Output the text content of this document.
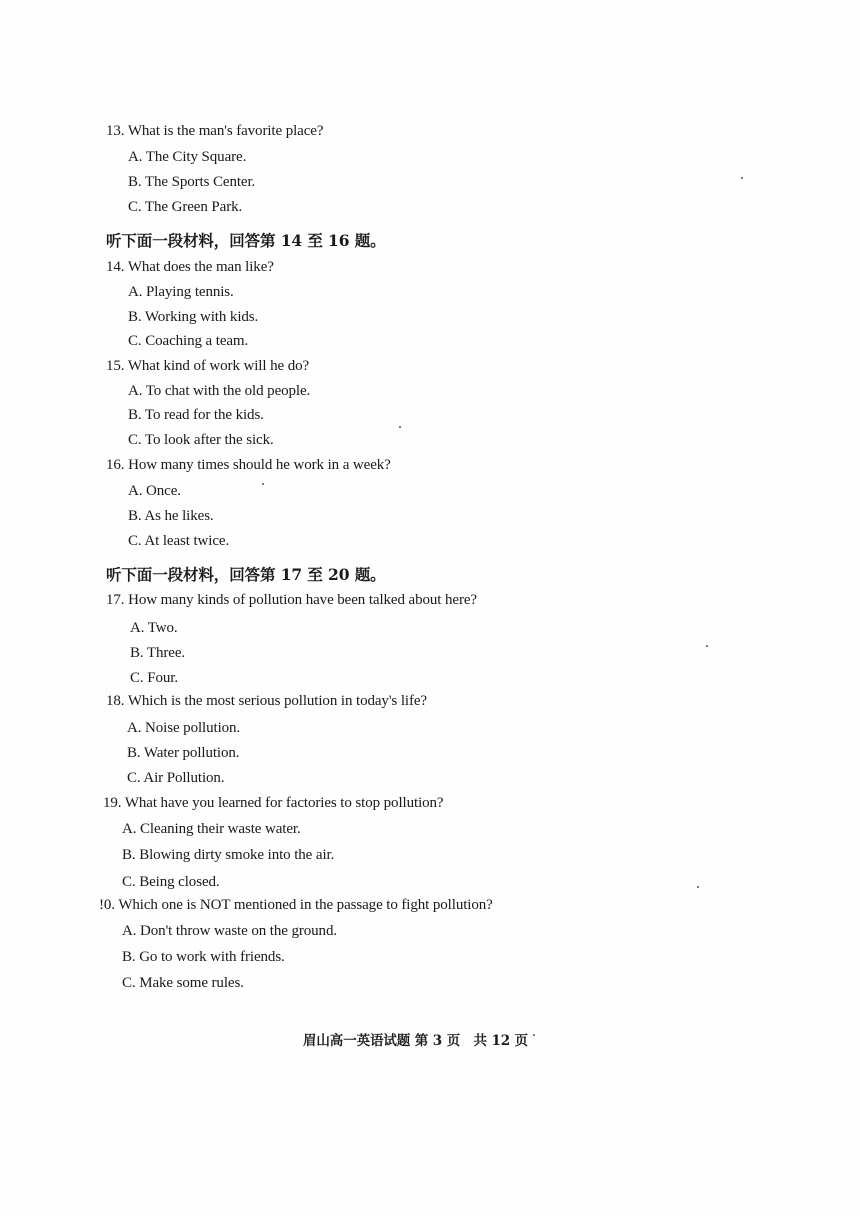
13. What is the man's favorite place?
A. The City Square.
B. The Sports Center.
C. The Green Park.
听下面一段材料，回答第 14 至 16 题。
14. What does the man like?
A. Playing tennis.
B. Working with kids.
C. Coaching a team.
15. What kind of work will he do?
A. To chat with the old people.
B. To read for the kids.
C. To look after the sick.
16. How many times should he work in a week?
A. Once.
B. As he likes.
C. At least twice.
听下面一段材料，回答第 17 至 20 题。
17. How many kinds of pollution have been talked about here?
A. Two.
B. Three.
C. Four.
18. Which is the most serious pollution in today's life?
A. Noise pollution.
B. Water pollution.
C. Air Pollution.
19. What have you learned for factories to stop pollution?
A. Cleaning their waste water.
B. Blowing dirty smoke into the air.
C. Being closed.
!0. Which one is NOT mentioned in the passage to fight pollution?
A. Don't throw waste on the ground.
B. Go to work with friends.
C. Make some rules.
眉山高一英语试题 第 3 页　共 12 页
